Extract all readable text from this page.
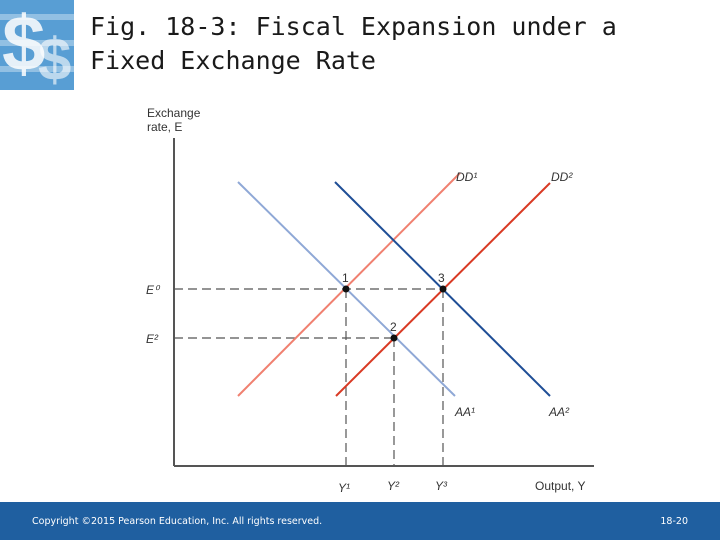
$
$ Fig. 18-3: Fiscal Expansion under a
Fixed Exchange Rate
Exchange
rate, E
Output, Y
DD¹	DD²
AA¹	AA²
E⁰
E²
Y¹	Y²	Y³
1
2
3
Copyright ©2015 Pearson Education, Inc. All rights reserved.	18-20
